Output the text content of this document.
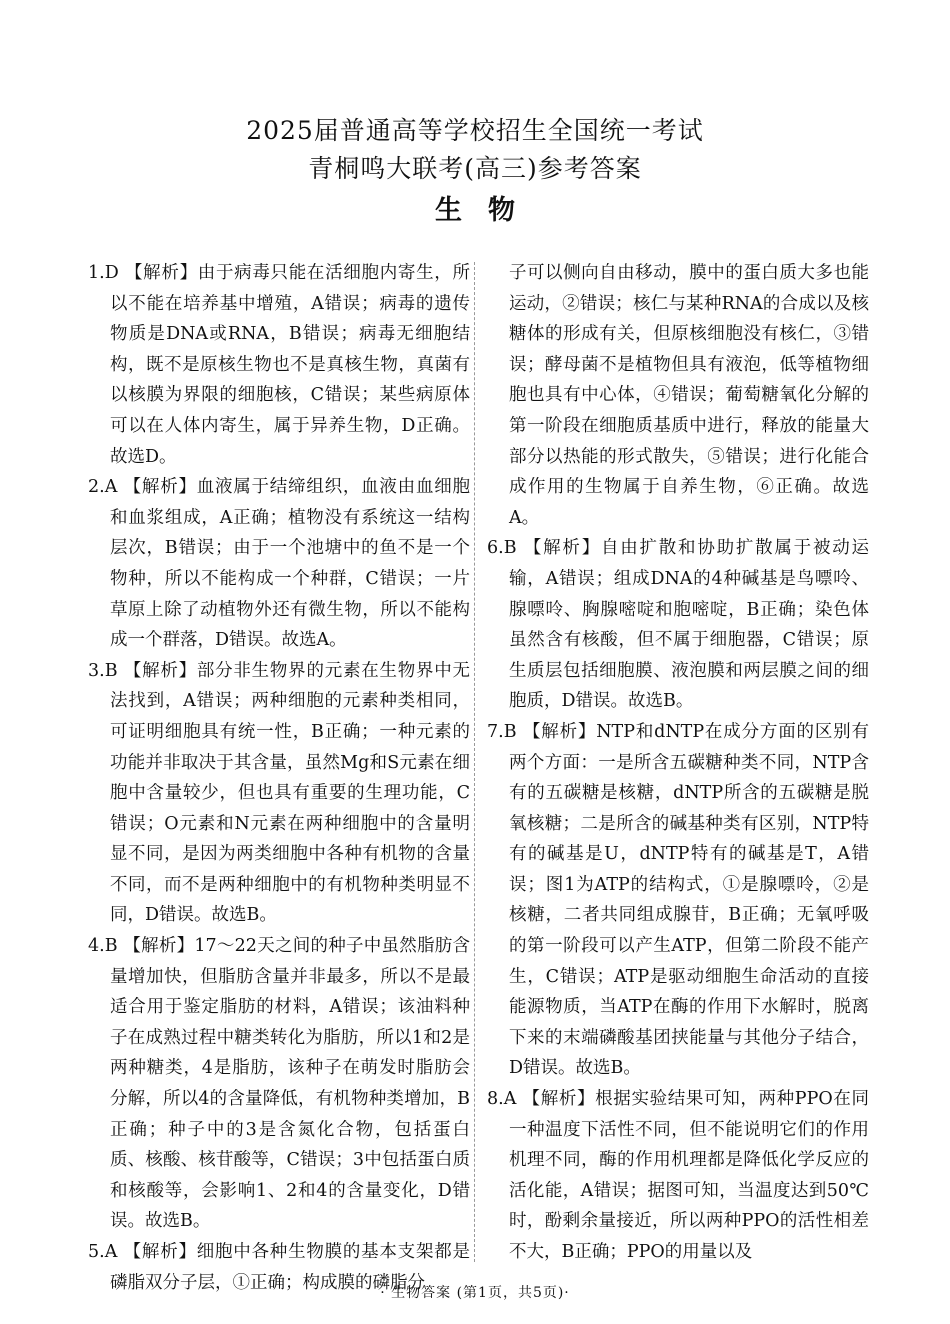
2025届普通高等学校招生全国统一考试
青桐鸣大联考(高三)参考答案
生物

1.D 【解析】由于病毒只能在活细胞内寄生，所以不能在培养基中增殖，A错误；病毒的遗传物质是DNA或RNA，B错误；病毒无细胞结构，既不是原核生物也不是真核生物，真菌有以核膜为界限的细胞核，C错误；某些病原体可以在人体内寄生，属于异养生物，D正确。故选D。

2.A 【解析】血液属于结缔组织，血液由血细胞和血浆组成，A正确；植物没有系统这一结构层次，B错误；由于一个池塘中的鱼不是一个物种，所以不能构成一个种群，C错误；一片草原上除了动植物外还有微生物，所以不能构成一个群落，D错误。故选A。

3.B 【解析】部分非生物界的元素在生物界中无法找到，A错误；两种细胞的元素种类相同，可证明细胞具有统一性，B正确；一种元素的功能并非取决于其含量，虽然Mg和S元素在细胞中含量较少，但也具有重要的生理功能，C错误；O元素和N元素在两种细胞中的含量明显不同，是因为两类细胞中各种有机物的含量不同，而不是两种细胞中的有机物种类明显不同，D错误。故选B。

4.B 【解析】17～22天之间的种子中虽然脂肪含量增加快，但脂肪含量并非最多，所以不是最适合用于鉴定脂肪的材料，A错误；该油料种子在成熟过程中糖类转化为脂肪，所以1和2是两种糖类，4是脂肪，该种子在萌发时脂肪会分解，所以4的含量降低，有机物种类增加，B正确；种子中的3是含氮化合物，包括蛋白质、核酸、核苷酸等，C错误；3中包括蛋白质和核酸等，会影响1、2和4的含量变化，D错误。故选B。

5.A 【解析】细胞中各种生物膜的基本支架都是磷脂双分子层，①正确；构成膜的磷脂分

子可以侧向自由移动，膜中的蛋白质大多也能运动，②错误；核仁与某种RNA的合成以及核糖体的形成有关，但原核细胞没有核仁，③错误；酵母菌不是植物但具有液泡，低等植物细胞也具有中心体，④错误；葡萄糖氧化分解的第一阶段在细胞质基质中进行，释放的能量大部分以热能的形式散失，⑤错误；进行化能合成作用的生物属于自养生物，⑥正确。故选A。

6.B 【解析】自由扩散和协助扩散属于被动运输，A错误；组成DNA的4种碱基是鸟嘌呤、腺嘌呤、胸腺嘧啶和胞嘧啶，B正确；染色体虽然含有核酸，但不属于细胞器，C错误；原生质层包括细胞膜、液泡膜和两层膜之间的细胞质，D错误。故选B。

7.B 【解析】NTP和dNTP在成分方面的区别有两个方面：一是所含五碳糖种类不同，NTP含有的五碳糖是核糖，dNTP所含的五碳糖是脱氧核糖；二是所含的碱基种类有区别，NTP特有的碱基是U，dNTP特有的碱基是T，A错误；图1为ATP的结构式，①是腺嘌呤，②是核糖，二者共同组成腺苷，B正确；无氧呼吸的第一阶段可以产生ATP，但第二阶段不能产生，C错误；ATP是驱动细胞生命活动的直接能源物质，当ATP在酶的作用下水解时，脱离下来的末端磷酸基团挟能量与其他分子结合，D错误。故选B。

8.A 【解析】根据实验结果可知，两种PPO在同一种温度下活性不同，但不能说明它们的作用机理不同，酶的作用机理都是降低化学反应的活化能，A错误；据图可知，当温度达到50℃时，酚剩余量接近，所以两种PPO的活性相差不大，B正确；PPO的用量以及

· 生物答案 (第1页，共5页)·
